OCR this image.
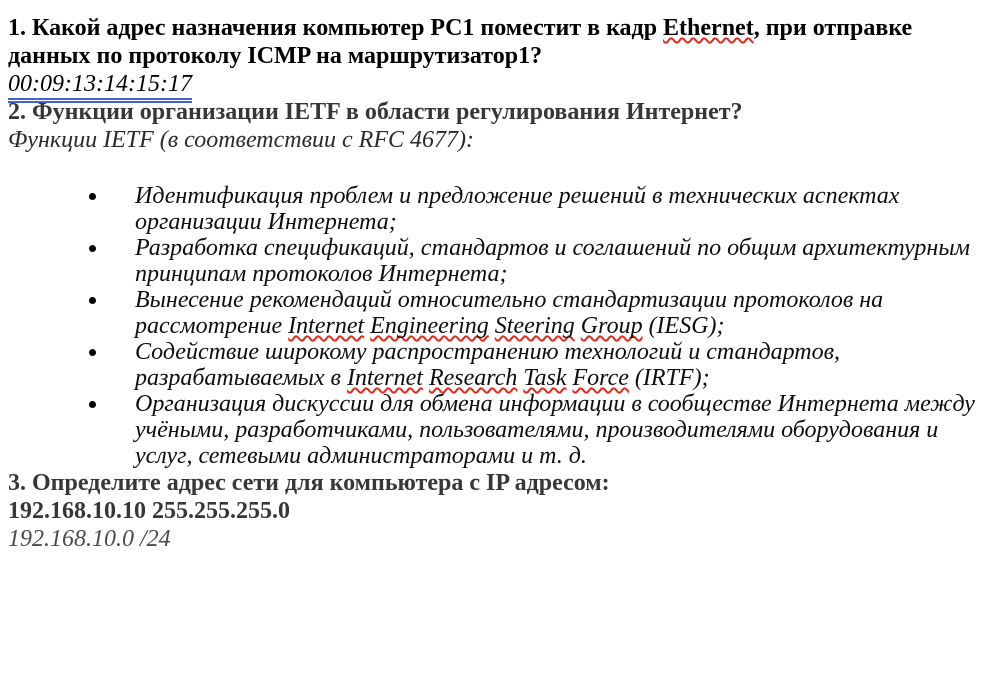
1. Какой адрес назначения компьютер PC1 поместит в кадр Ethernet, при отправке данных по протоколу ICMP на маршрутизатор1?

00:09:13:14:15:17

2. Функции организации IETF в области регулирования Интернет?

Функции IETF (в соответствии с RFC 4677):

Идентификация проблем и предложение решений в технических аспектах организации Интернета;
Разработка спецификаций, стандартов и соглашений по общим архитектурным принципам протоколов Интернета;
Вынесение рекомендаций относительно стандартизации протоколов на рассмотрение Internet Engineering Steering Group (IESG);
Содействие широкому распространению технологий и стандартов, разрабатываемых в Internet Research Task Force (IRTF);
Организация дискуссии для обмена информации в сообществе Интернета между учёными, разработчиками, пользователями, производителями оборудования и услуг, сетевыми администраторами и т. д.
3. Определите адрес сети для компьютера с IP адресом:
192.168.10.10 255.255.255.0

192.168.10.0 /24
